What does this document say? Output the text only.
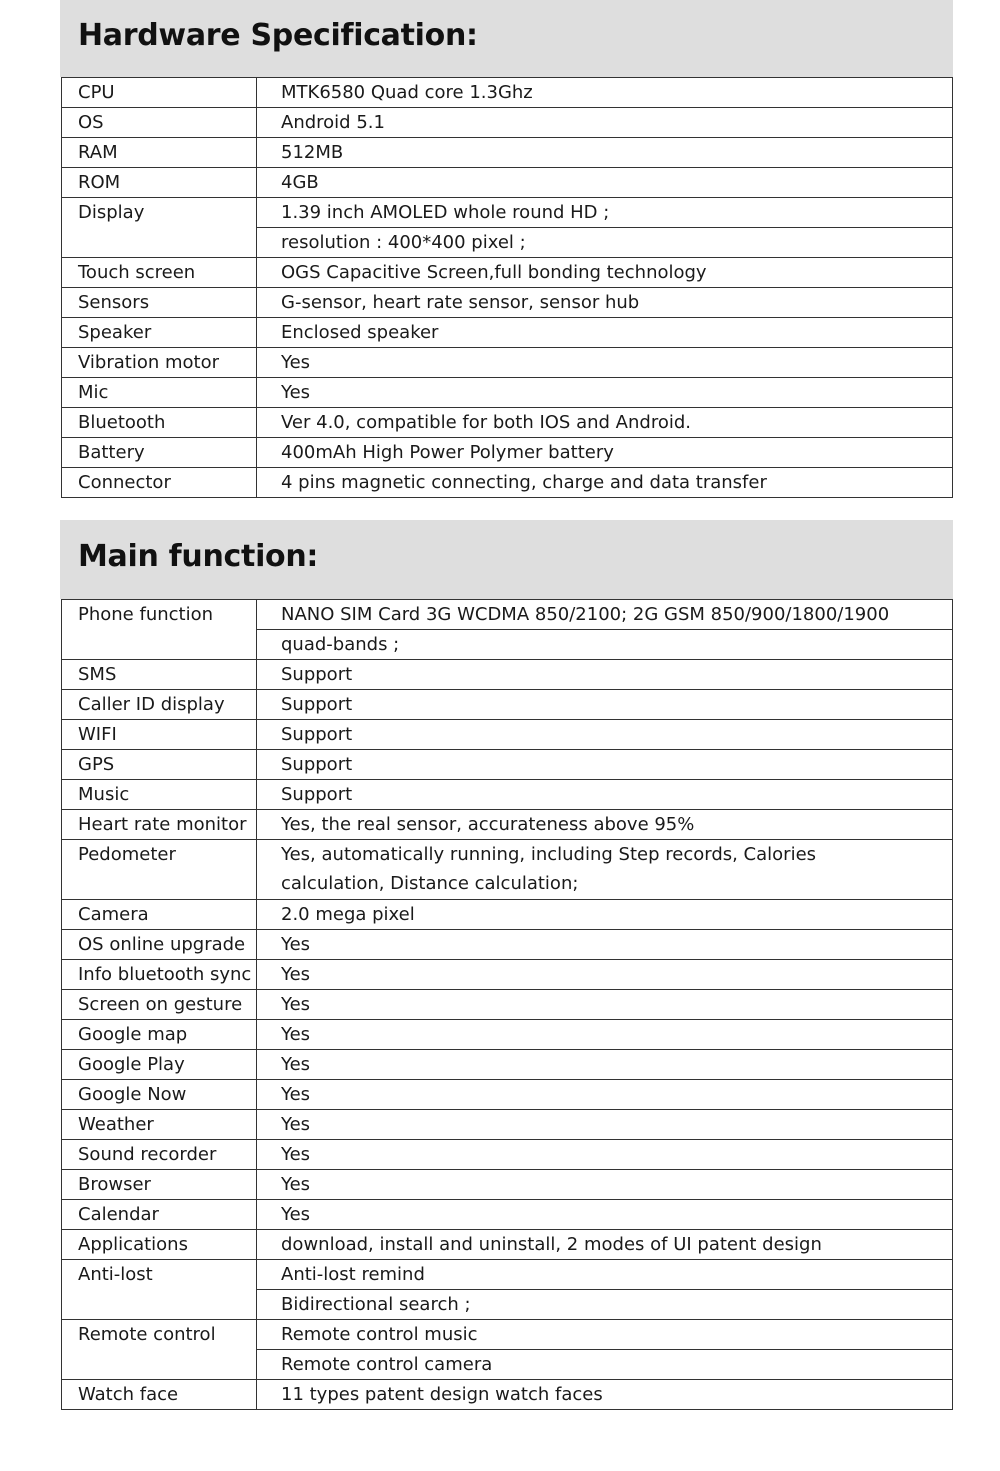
Hardware Specification:
CPU	MTK6580 Quad core 1.3Ghz
OS	Android 5.1
RAM	512MB
ROM	4GB
Display	1.39 inch AMOLED whole round HD ;
	resolution : 400*400 pixel ;
Touch screen	OGS Capacitive Screen,full bonding technology
Sensors	G-sensor, heart rate sensor, sensor hub
Speaker	Enclosed speaker
Vibration motor	Yes
Mic	Yes
Bluetooth	Ver 4.0, compatible for both IOS and Android.
Battery	400mAh High Power Polymer battery
Connector	4 pins magnetic connecting, charge and data transfer
Main function:
Phone function	NANO SIM Card 3G WCDMA 850/2100; 2G GSM 850/900/1800/1900
	quad-bands ;
SMS	Support
Caller ID display	Support
WIFI	Support
GPS	Support
Music	Support
Heart rate monitor	Yes, the real sensor, accurateness above 95%
Pedometer	Yes, automatically running, including Step records, Calories
calculation, Distance calculation;

Camera	2.0 mega pixel
OS online upgrade	Yes
Info bluetooth sync	Yes
Screen on gesture	Yes
Google map	Yes
Google Play	Yes
Google Now	Yes
Weather	Yes
Sound recorder	Yes
Browser	Yes
Calendar	Yes
Applications	download, install and uninstall, 2 modes of UI patent design
Anti-lost	Anti-lost remind
	Bidirectional search ;
Remote control	Remote control music
	Remote control camera
Watch face	11 types patent design watch faces
